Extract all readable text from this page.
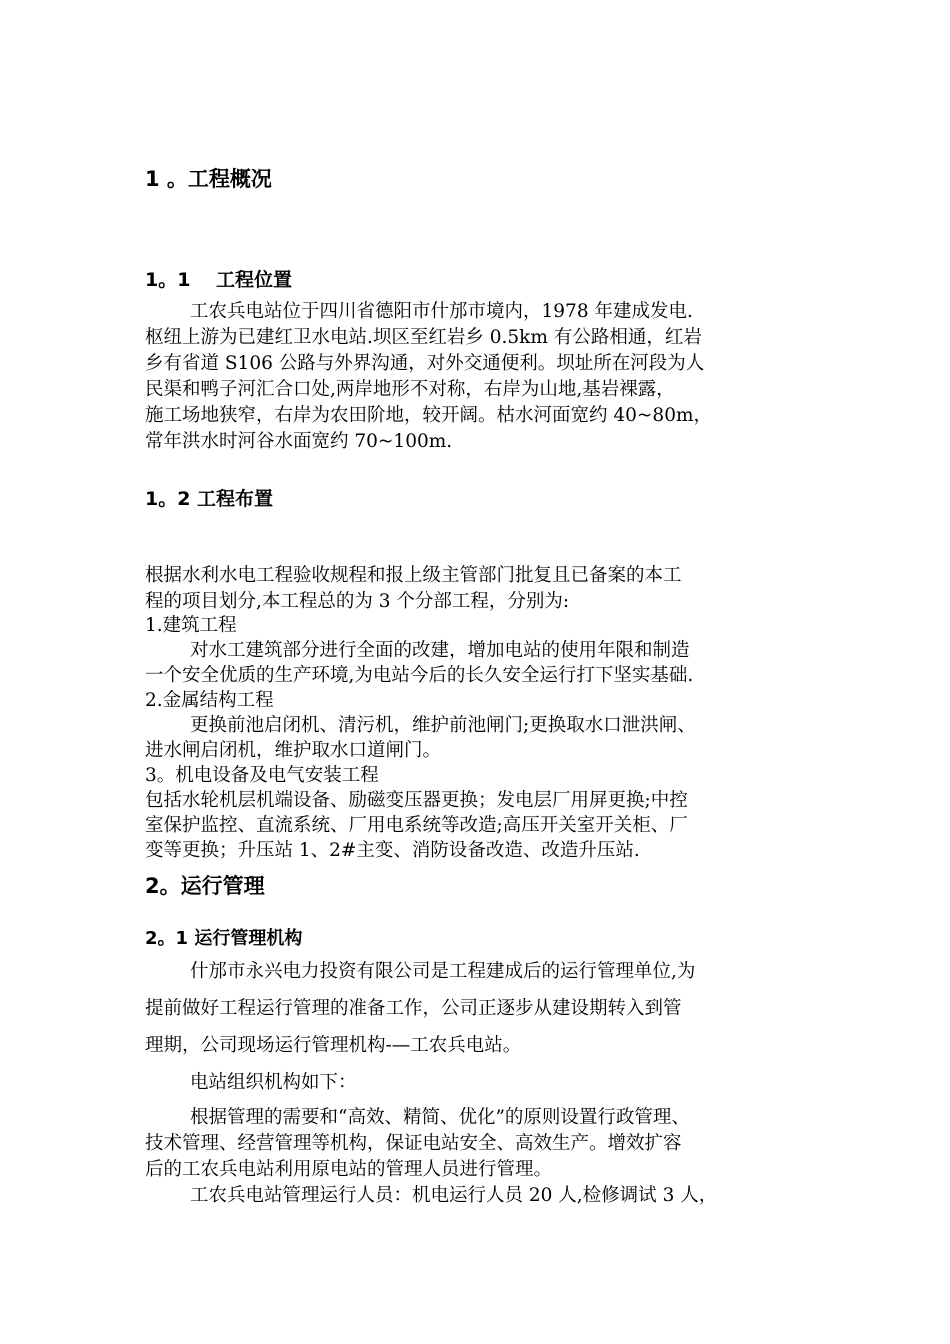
1 。工程概况
1。1　 工程位置
工农兵电站位于四川省德阳市什邡市境内，1978 年建成发电.
枢纽上游为已建红卫水电站.坝区至红岩乡 0.5km 有公路相通，红岩
乡有省道 S106 公路与外界沟通，对外交通便利。坝址所在河段为人
民渠和鸭子河汇合口处,两岸地形不对称，右岸为山地,基岩裸露，
施工场地狭窄，右岸为农田阶地，较开阔。枯水河面宽约 40~80m，
常年洪水时河谷水面宽约 70~100m.
1。2 工程布置
根据水利水电工程验收规程和报上级主管部门批复且已备案的本工
程的项目划分,本工程总的为 3 个分部工程，分别为:
1.建筑工程
对水工建筑部分进行全面的改建，增加电站的使用年限和制造
一个安全优质的生产环境,为电站今后的长久安全运行打下坚实基础.
2.金属结构工程
更换前池启闭机、清污机，维护前池闸门;更换取水口泄洪闸、
进水闸启闭机，维护取水口道闸门。
3。机电设备及电气安装工程
包括水轮机层机端设备、励磁变压器更换；发电层厂用屏更换;中控
室保护监控、直流系统、厂用电系统等改造;高压开关室开关柜、厂
变等更换；升压站 1、2#主变、消防设备改造、改造升压站.
2。运行管理
2。1 运行管理机构
什邡市永兴电力投资有限公司是工程建成后的运行管理单位,为
提前做好工程运行管理的准备工作，公司正逐步从建设期转入到管
理期，公司现场运行管理机构-—工农兵电站。
电站组织机构如下：
根据管理的需要和“高效、精简、优化”的原则设置行政管理、
技术管理、经营管理等机构，保证电站安全、高效生产。增效扩容
后的工农兵电站利用原电站的管理人员进行管理。
工农兵电站管理运行人员：机电运行人员 20 人,检修调试 3 人，
